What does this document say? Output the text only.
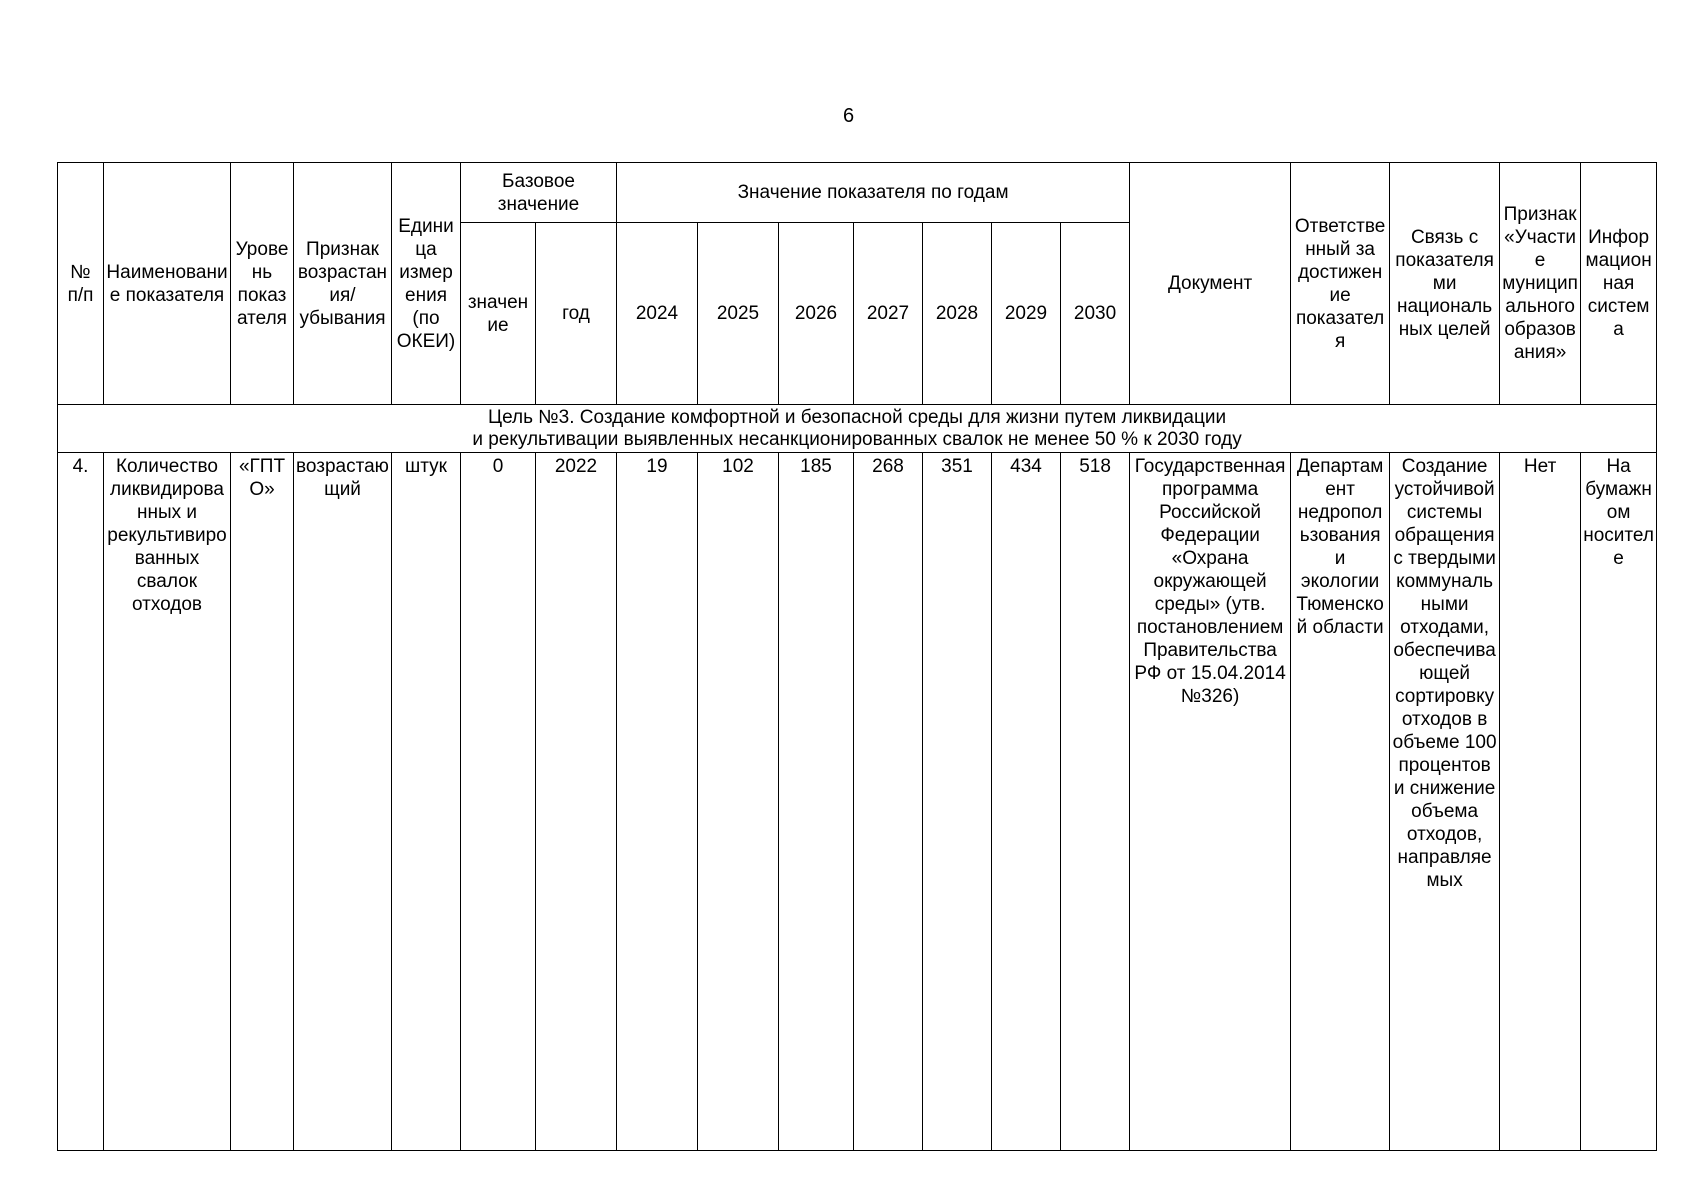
6
№ п/п	Наименование показателя	Уровень показателя	Признак возрастания/ убывания	Единица измерения (по ОКЕИ)	Базовое значение		Значение показателя по годам							Документ	Ответственный за достижение показателя	Связь с показателями национальных целей	Признак «Участие муниципального образования»	Информационная система
					значение	год	2024	2025	2026	2027	2028	2029	2030					

Цель №3. Создание комфортной и безопасной среды для жизни путем ликвидации
и рекультивации выявленных несанкционированных свалок не менее 50 % к 2030 году																		

4.	Количество ликвидированных и рекультивированных свалок отходов	«ГПТО»	возрастающий	штук	0	2022	19	102	185	268	351	434	518	Государственная программа Российской Федерации «Охрана окружающей среды» (утв. постановлением Правительства РФ от 15.04.2014 №326)	Департамент недропользования и экологии Тюменской области	Создание устойчивой системы обращения с твердыми коммунальными отходами, обеспечивающей сортировку отходов в объеме 100 процентов и снижение объема отходов, направляемых	Нет	На бумажном носителе
